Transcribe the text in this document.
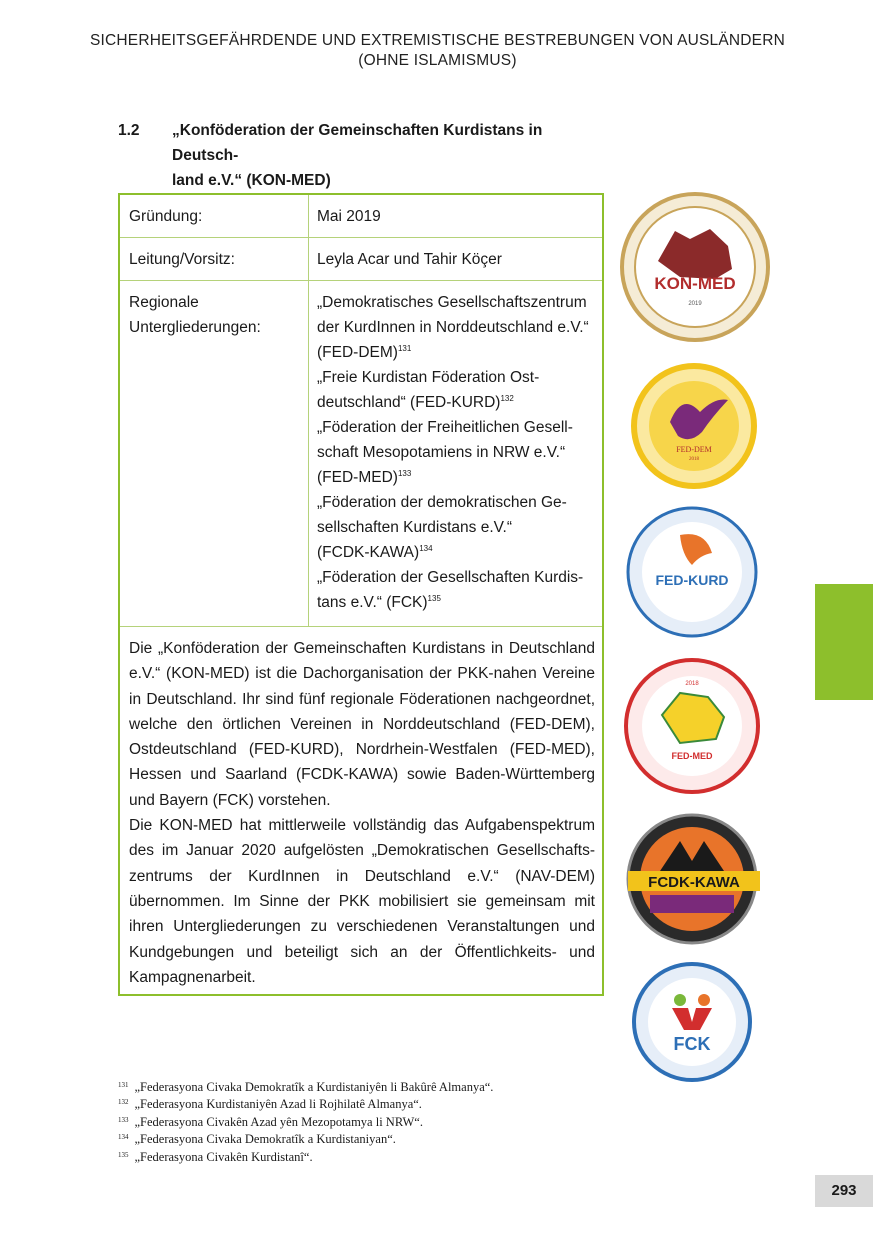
SICHERHEITSGEFÄHRDENDE UND EXTREMISTISCHE BESTREBUNGEN VON AUSLÄNDERN
(OHNE ISLAMISMUS)
1.2 „Konföderation der Gemeinschaften Kurdistans in Deutsch-
land e.V.“ (KON-MED)
Gründung:	Mai 2019
Leitung/Vorsitz:	Leyla Acar und Tahir Köçer
Regionale
Untergliederungen:
„Demokratisches Gesellschaftszentrum
der KurdInnen in Norddeutschland e.V.“
$(FED-DEM)^{131}$
„Freie Kurdistan Föderation Ost-
deutschland“ (FED-KURD)$^{132}$
„Föderation der Freiheitlichen Gesell-
schaft Mesopotamiens in NRW e.V.“
$(FED-MED)^{133}$
„Föderation der demokratischen Ge-
sellschaften Kurdistans e.V.“
(FCDK-KAWA)$^{134}$
„Föderation der Gesellschaften Kurdis-
tans e.V.“ (FCK)$^{135}$

Die „Konföderation der Gemeinschaften Kurdistans in Deutschland e.V.“ (KON-MED) ist die Dachorganisation der PKK-nahen Vereine in Deutschland. Ihr sind fünf regionale Föderationen nachgeordnet, welche den örtlichen Vereinen in Norddeutschland (FED-DEM), Ostdeutschland (FED-KURD), Nordrhein-Westfalen (FED-MED), Hessen und Saarland (FCDK-KAWA) sowie Baden-Württemberg und Bayern (FCK) vorstehen.

Die KON-MED hat mittlerweile vollständig das Aufgabenspektrum des im Januar 2020 aufgelösten „Demokratischen Gesellschafts-zentrums der KurdInnen in Deutschland e.V.“ (NAV-DEM) übernommen. Im Sinne der PKK mobilisiert sie gemeinsam mit ihren Untergliederungen zu verschiedenen Veranstaltungen und Kundgebungen und beteiligt sich an der Öffentlichkeits- und Kampagnenarbeit.

KON-MED
2019
FED-DEM
2018
FED-KURD
FED-MED
2018
FCDK-KAWA
FCK
$^{131}$ „Federasyona Civaka Demokratîk a Kurdistaniyên li Bakûrê Almanya“.
$^{132}$ „Federasyona Kurdistaniyên Azad li Rojhilatê Almanya“.
$^{133}$ „Federasyona Civakên Azad yên Mezopotamya li NRW“.
$^{134}$ „Federasyona Civaka Demokratîk a Kurdistaniyan“.
$^{135}$ „Federasyona Civakên Kurdistanî“.
293
